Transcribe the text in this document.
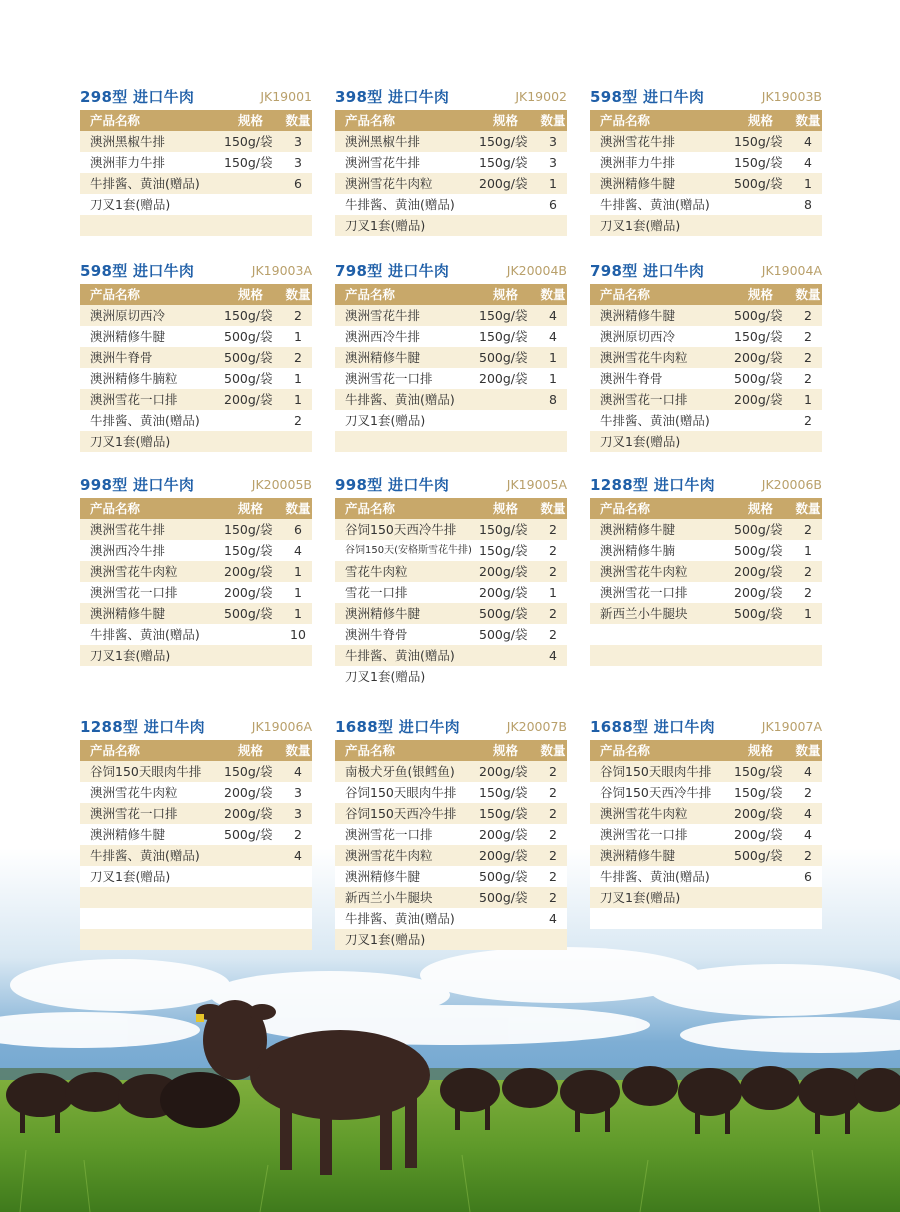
298型 进口牛肉	JK19001
产品名称	规格	数量
澳洲黑椒牛排	150g/袋	3
澳洲菲力牛排	150g/袋	3
牛排酱、黄油(赠品)	6
刀叉1套(赠品)
398型 进口牛肉	JK19002
产品名称	规格	数量
澳洲黑椒牛排	150g/袋	3
澳洲雪花牛排	150g/袋	3
澳洲雪花牛肉粒	200g/袋	1
牛排酱、黄油(赠品)	6
刀叉1套(赠品)
598型 进口牛肉	JK19003B
产品名称	规格	数量
澳洲雪花牛排	150g/袋	4
澳洲菲力牛排	150g/袋	4
澳洲精修牛腱	500g/袋	1
牛排酱、黄油(赠品)	8
刀叉1套(赠品)
598型 进口牛肉	JK19003A
产品名称	规格	数量
澳洲原切西冷	150g/袋	2
澳洲精修牛腱	500g/袋	1
澳洲牛脊骨	500g/袋	2
澳洲精修牛腩粒	500g/袋	1
澳洲雪花一口排	200g/袋	1
牛排酱、黄油(赠品)	2
刀叉1套(赠品)
798型 进口牛肉	JK20004B
产品名称	规格	数量
澳洲雪花牛排	150g/袋	4
澳洲西冷牛排	150g/袋	4
澳洲精修牛腱	500g/袋	1
澳洲雪花一口排	200g/袋	1
牛排酱、黄油(赠品)	8
刀叉1套(赠品)
798型 进口牛肉	JK19004A
产品名称	规格	数量
澳洲精修牛腱	500g/袋	2
澳洲原切西冷	150g/袋	2
澳洲雪花牛肉粒	200g/袋	2
澳洲牛脊骨	500g/袋	2
澳洲雪花一口排	200g/袋	1
牛排酱、黄油(赠品)	2
刀叉1套(赠品)
998型 进口牛肉	JK20005B
产品名称	规格	数量
澳洲雪花牛排	150g/袋	6
澳洲西冷牛排	150g/袋	4
澳洲雪花牛肉粒	200g/袋	1
澳洲雪花一口排	200g/袋	1
澳洲精修牛腱	500g/袋	1
牛排酱、黄油(赠品)	10
刀叉1套(赠品)
998型 进口牛肉	JK19005A
产品名称	规格	数量
谷饲150天西冷牛排	150g/袋	2
谷饲150天(安格斯雪花牛排) 150g/袋	2
雪花牛肉粒	200g/袋	2
雪花一口排	200g/袋	1
澳洲精修牛腱	500g/袋	2
澳洲牛脊骨	500g/袋	2
牛排酱、黄油(赠品)	4
刀叉1套(赠品)
1288型 进口牛肉	JK20006B
产品名称	规格	数量
澳洲精修牛腱	500g/袋	2
澳洲精修牛腩	500g/袋	1
澳洲雪花牛肉粒	200g/袋	2
澳洲雪花一口排	200g/袋	2
新西兰小牛腿块	500g/袋	1
1288型 进口牛肉	JK19006A
产品名称	规格	数量
谷饲150天眼肉牛排	150g/袋	4
澳洲雪花牛肉粒	200g/袋	3
澳洲雪花一口排	200g/袋	3
澳洲精修牛腱	500g/袋	2
牛排酱、黄油(赠品)	4
刀叉1套(赠品)
1688型 进口牛肉	JK20007B
产品名称	规格	数量
南极犬牙鱼(银鳕鱼)	200g/袋	2
谷饲150天眼肉牛排	150g/袋	2
谷饲150天西冷牛排	150g/袋	2
澳洲雪花一口排	200g/袋	2
澳洲雪花牛肉粒	200g/袋	2
澳洲精修牛腱	500g/袋	2
新西兰小牛腿块	500g/袋	2
牛排酱、黄油(赠品)	4
刀叉1套(赠品)
1688型 进口牛肉	JK19007A
产品名称	规格	数量
谷饲150天眼肉牛排	150g/袋	4
谷饲150天西冷牛排	150g/袋	2
澳洲雪花牛肉粒	200g/袋	4
澳洲雪花一口排	200g/袋	4
澳洲精修牛腱	500g/袋	2
牛排酱、黄油(赠品)	6
刀叉1套(赠品)
